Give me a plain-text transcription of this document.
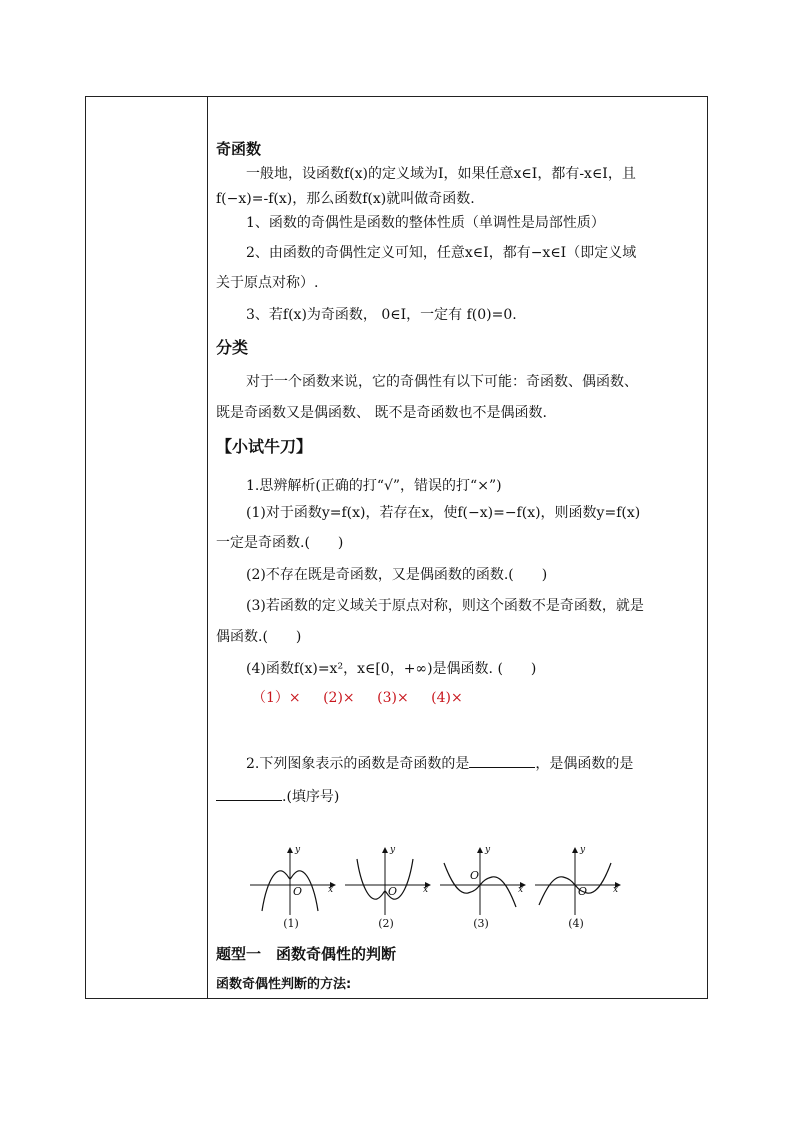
奇函数
一般地，设函数f(x)的定义域为I，如果任意x∈I，都有-x∈I，且
f(−x)=-f(x)，那么函数f(x)就叫做奇函数.
1、函数的奇偶性是函数的整体性质（单调性是局部性质）
2、由函数的奇偶性定义可知，任意x∈I，都有−x∈I（即定义域
关于原点对称）.
3、若f(x)为奇函数， 0∈I，一定有 f(0)=0.
分类
对于一个函数来说，它的奇偶性有以下可能：奇函数、偶函数、
既是奇函数又是偶函数、 既不是奇函数也不是偶函数.
【小试牛刀】
1.思辨解析(正确的打“√”，错误的打“×”)
(1)对于函数y=f(x)，若存在x，使f(−x)=−f(x)，则函数y=f(x)
一定是奇函数.(　　)
(2)不存在既是奇函数，又是偶函数的函数.(　　)
(3)若函数的定义域关于原点对称，则这个函数不是奇函数，就是
偶函数.(　　)
(4)函数f(x)=x²，x∈[0，+∞)是偶函数. (　　)
（1）× (2)× (3)× (4)×
2.下列图象表示的函数是奇函数的是	，是偶函数的是
.(填序号)
y
x
O
(1)
y
x
O
(2)
y
x
O
(3)
y
x
O
(4)
题型一　函数奇偶性的判断
函数奇偶性判断的方法:
